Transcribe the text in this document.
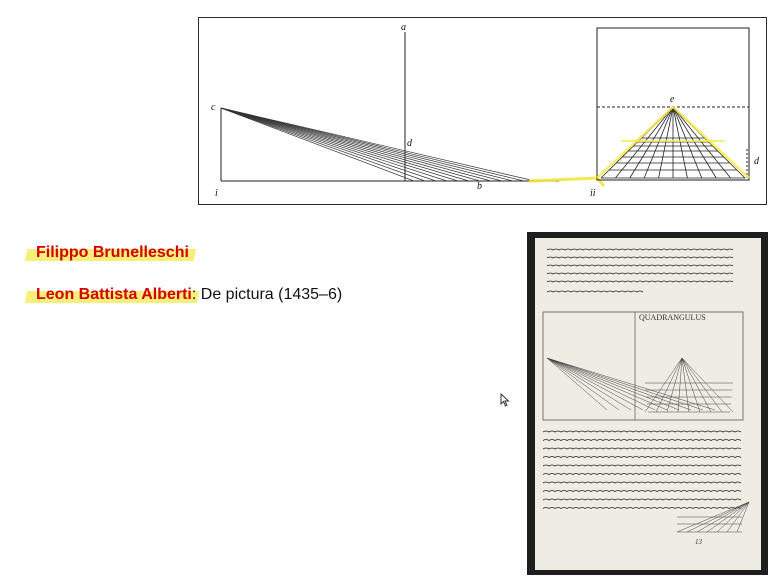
a
c
d
b
i	ii
e
d
Filippo Brunelleschi
Leon Battista Alberti: De pictura (1435–6)
QUADRANGULUS
13
